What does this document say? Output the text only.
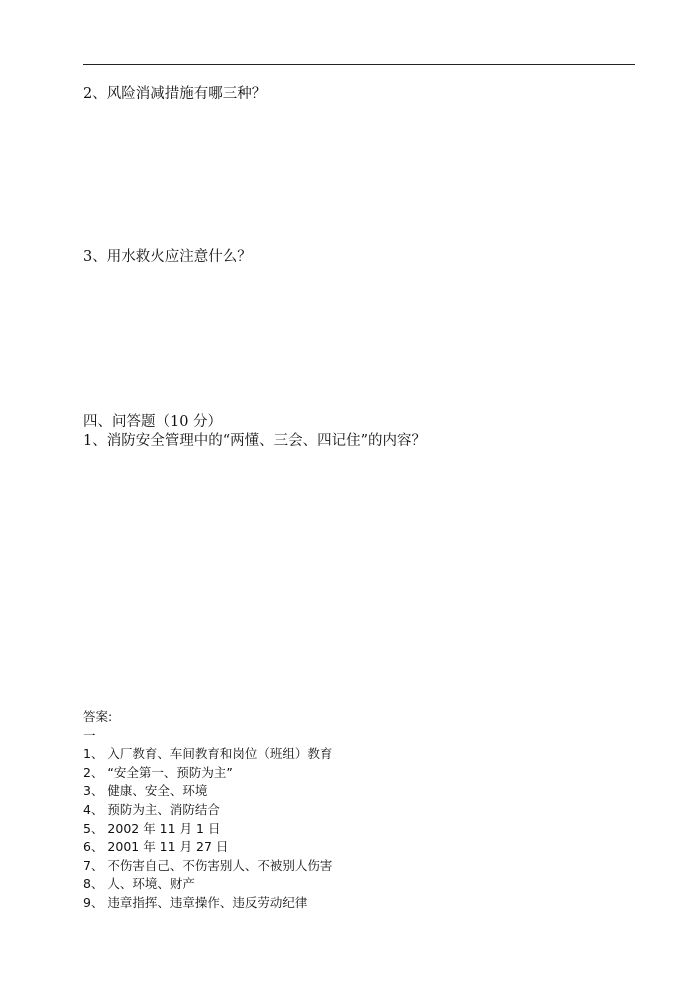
2、风险消减措施有哪三种？
3、用水救火应注意什么？
四、问答题（10 分）
1、消防安全管理中的“两懂、三会、四记住”的内容？
答案:
一
1、 入厂教育、车间教育和岗位（班组）教育
2、 “安全第一、预防为主”
3、 健康、安全、环境
4、 预防为主、消防结合
5、 2002 年 11 月 1 日
6、 2001 年 11 月 27 日
7、 不伤害自己、不伤害别人、不被别人伤害
8、 人、环境、财产
9、 违章指挥、违章操作、违反劳动纪律
